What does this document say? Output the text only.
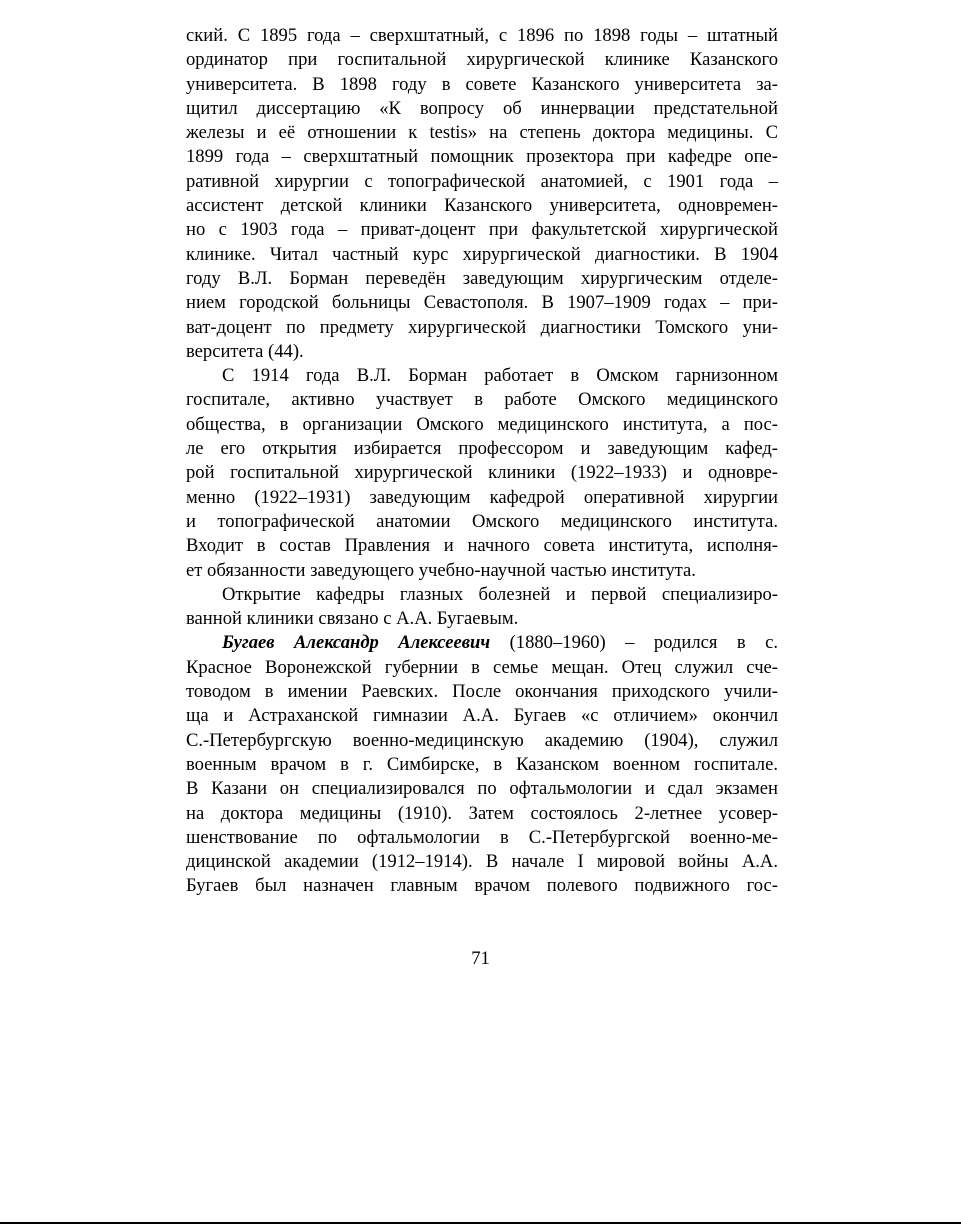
ский. С 1895 года – сверхштатный, с 1896 по 1898 годы – штатный
ординатор при госпитальной хирургической клинике Казанского
университета. В 1898 году в совете Казанского университета за-
щитил диссертацию «К вопросу об иннервации предстательной
железы и её отношении к testis» на степень доктора медицины. С
1899 года – сверхштатный помощник прозектора при кафедре опе-
ративной хирургии с топографической анатомией, с 1901 года –
ассистент детской клиники Казанского университета, одновремен-
но с 1903 года – приват-доцент при факультетской хирургической
клинике. Читал частный курс хирургической диагностики. В 1904
году В.Л. Борман переведён заведующим хирургическим отделе-
нием городской больницы Севастополя. В 1907–1909 годах – при-
ват-доцент по предмету хирургической диагностики Томского уни-
верситета (44).
С 1914 года В.Л. Борман работает в Омском гарнизонном
госпитале, активно участвует в работе Омского медицинского
общества, в организации Омского медицинского института, а пос-
ле его открытия избирается профессором и заведующим кафед-
рой госпитальной хирургической клиники (1922–1933) и одновре-
менно (1922–1931) заведующим кафедрой оперативной хирургии
и топографической анатомии Омского медицинского института.
Входит в состав Правления и начного совета института, исполня-
ет обязанности заведующего учебно-научной частью института.
Открытие кафедры глазных болезней и первой специализиро-
ванной клиники связано с А.А. Бугаевым.
Бугаев Александр Алексеевич (1880–1960) – родился в с.
Красное Воронежской губернии в семье мещан. Отец служил сче-
товодом в имении Раевских. После окончания приходского учили-
ща и Астраханской гимназии А.А. Бугаев «с отличием» окончил
С.-Петербургскую военно-медицинскую академию (1904), служил
военным врачом в г. Симбирске, в Казанском военном госпитале.
В Казани он специализировался по офтальмологии и сдал экзамен
на доктора медицины (1910). Затем состоялось 2-летнее усовер-
шенствование по офтальмологии в С.-Петербургской военно-ме-
дицинской академии (1912–1914). В начале I мировой войны А.А.
Бугаев был назначен главным врачом полевого подвижного гос-
71
